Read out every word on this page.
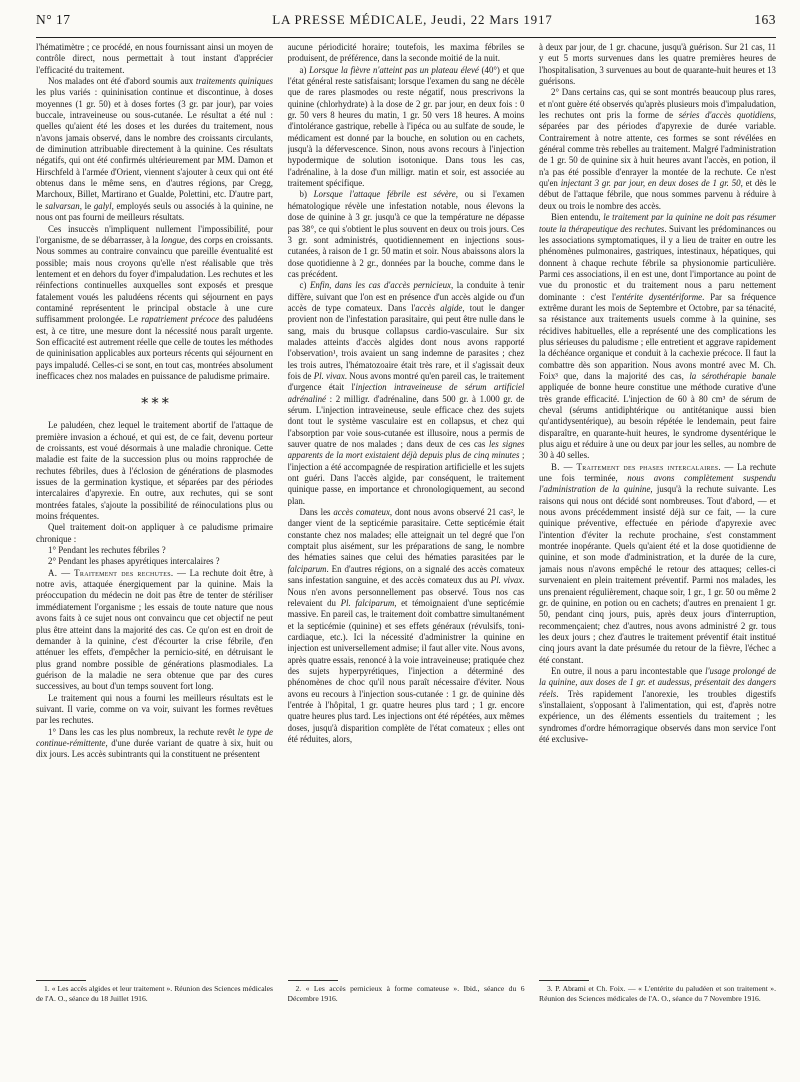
N° 17	LA PRESSE MÉDICALE, Jeudi, 22 Mars 1917	163

l'hématimètre ; ce procédé, en nous fournissant ainsi un moyen de contrôle direct, nous permettait à tout instant d'apprécier l'efficacité du traitement.

Nos malades ont été d'abord soumis aux traitements quiniques les plus variés : quininisation continue et discontinue, à doses moyennes (1 gr. 50) et à doses fortes (3 gr. par jour), par voies buccale, intraveineuse ou sous-cutanée. Le résultat a été nul : quelles qu'aient été les doses et les durées du traitement, nous n'avons jamais observé, dans le nombre des croissants circulants, de diminution attribuable directement à la quinine. Ces résultats négatifs, qui ont été confirmés ultérieurement par MM. Damon et Hirschfeld à l'armée d'Orient, viennent s'ajouter à ceux qui ont été obtenus dans le même sens, en d'autres régions, par Cregg, Marchoux, Billet, Martirano et Gualde, Polettini, etc. D'autre part, le salvarsan, le galyl, employés seuls ou associés à la quinine, ne nous ont pas fourni de meilleurs résultats.

Ces insuccès n'impliquent nullement l'impossibilité, pour l'organisme, de se débarrasser, à la longue, des corps en croissants. Nous sommes au contraire convaincu que pareille éventualité est possible; mais nous croyons qu'elle n'est réalisable que très lentement et en dehors du foyer d'impaludation. Les rechutes et les réinfections continuelles auxquelles sont exposés et presque fatalement voués les paludéens récents qui séjournent en pays contaminé représentent le principal obstacle à une cure suffisamment prolongée. Le rapatriement précoce des paludéens est, à ce titre, une mesure dont la nécessité nous paraît urgente. Son efficacité est autrement réelle que celle de toutes les méthodes de quininisation applicables aux porteurs récents qui séjournent en pays impaludé. Celles-ci se sont, en tout cas, montrées absolument inefficaces chez nos malades en puissance de paludisme primaire.

* * *

Le paludéen, chez lequel le traitement abortif de l'attaque de première invasion a échoué, et qui est, de ce fait, devenu porteur de croissants, est voué désormais à une maladie chronique. Cette maladie est faite de la succession plus ou moins rapprochée de rechutes fébriles, dues à l'éclosion de générations de plasmodes issues de la germination kystique, et séparées par des périodes intercalaires d'apyrexie. En outre, aux rechutes, qui se sont montrées fatales, s'ajoute la possibilité de réinoculations plus ou moins fréquentes.

Quel traitement doit-on appliquer à ce paludisme primaire chronique :

1° Pendant les rechutes fébriles ?

2° Pendant les phases apyrétiques intercalaires ?

A. — Traitement des rechutes. — La rechute doit être, à notre avis, attaquée énergiquement par la quinine. Mais la préoccupation du médecin ne doit pas être de tenter de stériliser immédiatement l'organisme ; les essais de toute nature que nous avons faits à ce sujet nous ont convaincu que cet objectif ne peut plus être atteint dans la majorité des cas. Ce qu'on est en droit de demander à la quinine, c'est d'écourter la crise fébrile, d'en atténuer les effets, d'empêcher la pernicio-sité, en détruisant le plus grand nombre possible de générations plasmodiales. La guérison de la maladie ne sera obtenue que par des cures successives, au bout d'un temps souvent fort long.

Le traitement qui nous a fourni les meilleurs résultats est le suivant. Il varie, comme on va voir, suivant les formes revêtues par les rechutes.

1° Dans les cas les plus nombreux, la rechute revêt le type de continue-rémittente, d'une durée variant de quatre à six, huit ou dix jours. Les accès subintrants qui la constituent ne présentent

1. « Les accès algides et leur traitement ». Réunion des Sciences médicales de l'A. O., séance du 18 Juillet 1916.

aucune périodicité horaire; toutefois, les maxima fébriles se produisent, de préférence, dans la seconde moitié de la nuit.

a) Lorsque la fièvre n'atteint pas un plateau élevé (40°) et que l'état général reste satisfaisant; lorsque l'examen du sang ne décèle que de rares plasmodes ou reste négatif, nous prescrivons la quinine (chlorhydrate) à la dose de 2 gr. par jour, en deux fois : 0 gr. 50 vers 8 heures du matin, 1 gr. 50 vers 18 heures. A moins d'intolérance gastrique, rebelle à l'ipéca ou au sulfate de soude, le médicament est donné par la bouche, en solution ou en cachets, jusqu'à la défervescence. Sinon, nous avons recours à l'injection hypodermique de solution isotonique. Dans tous les cas, l'adrénaline, à la dose d'un milligr. matin et soir, est associée au traitement spécifique.

b) Lorsque l'attaque fébrile est sévère, ou si l'examen hématologique révèle une infestation notable, nous élevons la dose de quinine à 3 gr. jusqu'à ce que la température ne dépasse pas 38°, ce qui s'obtient le plus souvent en deux ou trois jours. Ces 3 gr. sont administrés, quotidiennement en injections sous-cutanées, à raison de 1 gr. 50 matin et soir. Nous abaissons alors la dose quotidienne à 2 gr., données par la bouche, comme dans le cas précédent.

c) Enfin, dans les cas d'accès pernicieux, la conduite à tenir diffère, suivant que l'on est en présence d'un accès algide ou d'un accès de type comateux. Dans l'accès algide, tout le danger provient non de l'infestation parasitaire, qui peut être nulle dans le sang, mais du brusque collapsus cardio-vasculaire. Sur six malades atteints d'accès algides dont nous avons rapporté l'observation¹, trois avaient un sang indemne de parasites ; chez les trois autres, l'hématozoaire était très rare, et il s'agissait deux fois de Pl. vivax. Nous avons montré qu'en pareil cas, le traitement d'urgence était l'injection intraveineuse de sérum artificiel adrénaliné : 2 milligr. d'adrénaline, dans 500 gr. à 1.000 gr. de sérum. L'injection intraveineuse, seule efficace chez des sujets dont tout le système vasculaire est en collapsus, et chez qui l'absorption par voie sous-cutanée est illusoire, nous a permis de sauver quatre de nos malades ; dans deux de ces cas les signes apparents de la mort existaient déjà depuis plus de cinq minutes ; l'injection a été accompagnée de respiration artificielle et les sujets ont guéri. Dans l'accès algide, par conséquent, le traitement quinique passe, en importance et chronologiquement, au second plan.

Dans les accès comateux, dont nous avons observé 21 cas², le danger vient de la septicémie parasitaire. Cette septicémie était constante chez nos malades; elle atteignait un tel degré que l'on comptait plus aisément, sur les préparations de sang, le nombre des hématies saines que celui des hématies parasitées par le falciparum. En d'autres régions, on a signalé des accès comateux sans infestation sanguine, et des accès comateux dus au Pl. vivax. Nous n'en avons personnellement pas observé. Tous nos cas relevaient du Pl. falciparum, et témoignaient d'une septicémie massive. En pareil cas, le traitement doit combattre simultanément et la septicémie (quinine) et ses effets généraux (révulsifs, toni-cardiaque, etc.). Ici la nécessité d'administrer la quinine en injection est universellement admise; il faut aller vite. Nous avons, après quatre essais, renoncé à la voie intraveineuse; pratiquée chez des sujets hyperpyrétiques, l'injection a déterminé des phénomènes de choc qu'il nous paraît nécessaire d'éviter. Nous avons eu recours à l'injection sous-cutanée : 1 gr. de quinine dès l'entrée à l'hôpital, 1 gr. quatre heures plus tard ; 1 gr. encore quatre heures plus tard. Les injections ont été répétées, aux mêmes doses, jusqu'à disparition complète de l'état comateux ; elles ont été réduites, alors,

2. « Les accès pernicieux à forme comateuse ». Ibid., séance du 6 Décembre 1916.

à deux par jour, de 1 gr. chacune, jusqu'à guérison. Sur 21 cas, 11 y eut 5 morts survenues dans les quatre premières heures de l'hospitalisation, 3 survenues au bout de quarante-huit heures et 13 guérisons.

2° Dans certains cas, qui se sont montrés beaucoup plus rares, et n'ont guère été observés qu'après plusieurs mois d'impaludation, les rechutes ont pris la forme de séries d'accès quotidiens, séparées par des périodes d'apyrexie de durée variable. Contrairement à notre attente, ces formes se sont révélées en général comme très rebelles au traitement. Malgré l'administration de 1 gr. 50 de quinine six à huit heures avant l'accès, en potion, il n'a pas été possible d'enrayer la montée de la rechute. Ce n'est qu'en injectant 3 gr. par jour, en deux doses de 1 gr. 50, et dès le début de l'attaque fébrile, que nous sommes parvenu à réduire à deux ou trois le nombre des accès.

Bien entendu, le traitement par la quinine ne doit pas résumer toute la thérapeutique des rechutes. Suivant les prédominances ou les associations symptomatiques, il y a lieu de traiter en outre les phénomènes pulmonaires, gastriques, intestinaux, hépatiques, qui donnent à chaque rechute fébrile sa physionomie particulière. Parmi ces associations, il en est une, dont l'importance au point de vue du pronostic et du traitement nous a paru nettement dominante : c'est l'entérite dysentériforme. Par sa fréquence extrême durant les mois de Septembre et Octobre, par sa ténacité, sa résistance aux traitements usuels comme à la quinine, ses récidives habituelles, elle a représenté une des complications les plus sérieuses du paludisme ; elle entretient et aggrave rapidement la déchéance organique et conduit à la cachexie précoce. Il faut la combattre dès son apparition. Nous avons montré avec M. Ch. Foix³ que, dans la majorité des cas, la sérothérapie banale appliquée de bonne heure constitue une méthode curative d'une très grande efficacité. L'injection de 60 à 80 cm³ de sérum de cheval (sérums antidiphtérique ou antitétanique aussi bien qu'antidysentérique), au besoin répétée le lendemain, peut faire disparaître, en quarante-huit heures, le syndrome dysentérique le plus aigu et réduire à une ou deux par jour les selles, au nombre de 30 à 40 selles.

B. — Traitement des phases intercalaires. — La rechute une fois terminée, nous avons complètement suspendu l'administration de la quinine, jusqu'à la rechute suivante. Les raisons qui nous ont décidé sont nombreuses. Tout d'abord, — et nous avons précédemment insisté déjà sur ce fait, — la cure quinique préventive, effectuée en période d'apyrexie avec l'intention d'éviter la rechute prochaine, s'est constamment montrée inopérante. Quels qu'aient été et la dose quotidienne de quinine, et son mode d'administration, et la durée de la cure, jamais nous n'avons empêché le retour des attaques; celles-ci survenaient en plein traitement préventif. Parmi nos malades, les uns prenaient régulièrement, chaque soir, 1 gr., 1 gr. 50 ou même 2 gr. de quinine, en potion ou en cachets; d'autres en prenaient 1 gr. 50, pendant cinq jours, puis, après deux jours d'interruption, recommençaient; chez d'autres, nous avons administré 2 gr. tous les deux jours ; chez d'autres le traitement préventif était institué cinq jours avant la date présumée du retour de la fièvre, l'échec a été constant.

En outre, il nous a paru incontestable que l'usage prolongé de la quinine, aux doses de 1 gr. et audessus, présentait des dangers réels. Très rapidement l'anorexie, les troubles digestifs s'installaient, s'opposant à l'alimentation, qui est, d'après notre expérience, un des éléments essentiels du traitement ; les syndromes d'ordre hémorragique observés dans mon service l'ont été exclusive-

3. P. Abrami et Ch. Foix. — « L'entérite du paludéen et son traitement ». Réunion des Sciences médicales de l'A. O., séance du 7 Novembre 1916.
